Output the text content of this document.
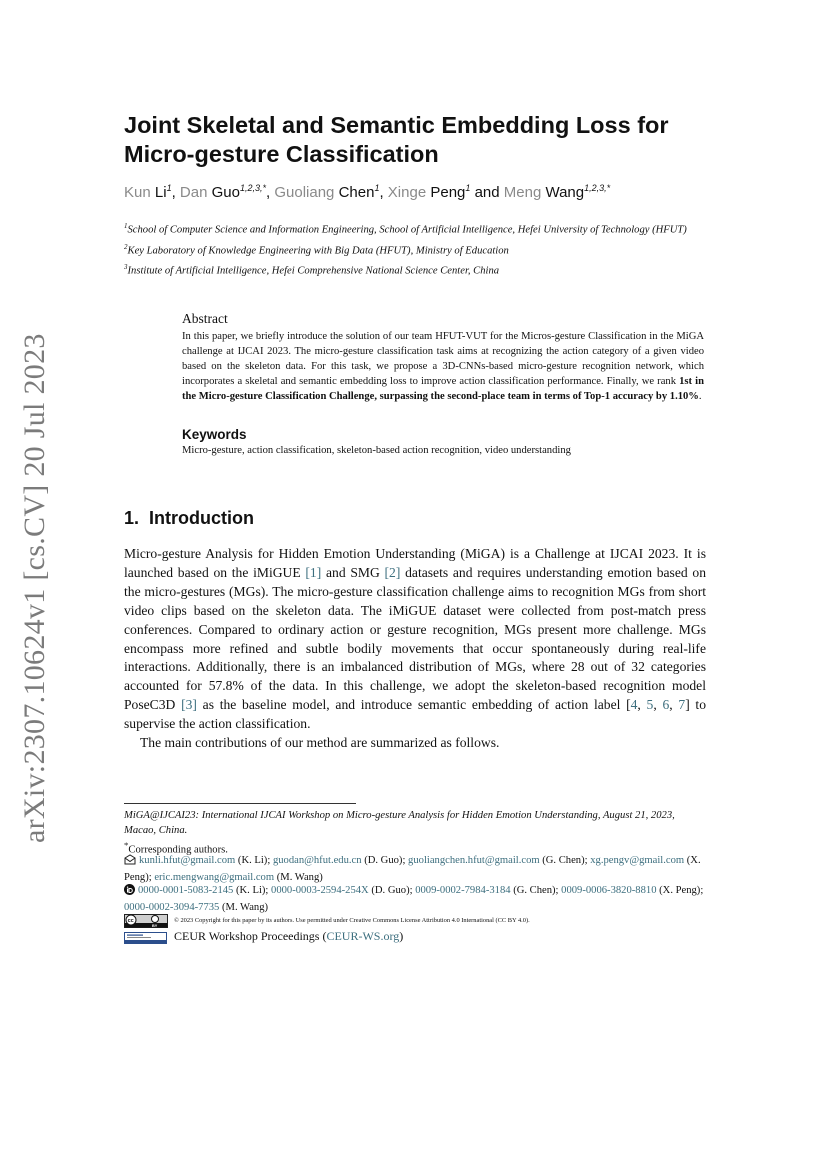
arXiv:2307.10624v1 [cs.CV] 20 Jul 2023
Joint Skeletal and Semantic Embedding Loss for
Micro-gesture Classification
Kun Li$^1$, Dan Guo$^{1,2,3,*}$, Guoliang Chen$^1$, Xinge Peng$^1$ and Meng Wang$^{1,2,3,*}$

$^1$School of Computer Science and Information Engineering, School of Artificial Intelligence, Hefei University of Technology (HFUT)

$^2$Key Laboratory of Knowledge Engineering with Big Data (HFUT), Ministry of Education

$^3$Institute of Artificial Intelligence, Hefei Comprehensive National Science Center, China

Abstract
In this paper, we briefly introduce the solution of our team HFUT-VUT for the Micros-gesture Classification in the MiGA challenge at IJCAI 2023. The micro-gesture classification task aims at recognizing the action category of a given video based on the skeleton data. For this task, we propose a 3D-CNNs-based micro-gesture recognition network, which incorporates a skeletal and semantic embedding loss to improve action classification performance. Finally, we rank 1st in the Micro-gesture Classification Challenge, surpassing the second-place team in terms of Top-1 accuracy by 1.10%.
Keywords
Micro-gesture, action classification, skeleton-based action recognition, video understanding
1. Introduction

Micro-gesture Analysis for Hidden Emotion Understanding (MiGA) is a Challenge at IJCAI 2023. It is launched based on the iMiGUE [1] and SMG [2] datasets and requires understanding emotion based on the micro-gestures (MGs). The micro-gesture classification challenge aims to recognition MGs from short video clips based on the skeleton data. The iMiGUE dataset were collected from post-match press conferences. Compared to ordinary action or gesture recognition, MGs present more challenge. MGs encompass more refined and subtle bodily movements that occur spontaneously during real-life interactions. Additionally, there is an imbalanced distribution of MGs, where 28 out of 32 categories accounted for 57.8% of the data. In this challenge, we adopt the skeleton-based recognition model PoseC3D [3] as the baseline model, and introduce semantic embedding of action label [4, 5, 6, 7] to supervise the action classification.

The main contributions of our method are summarized as follows.

MiGA@IJCAI23: International IJCAI Workshop on Micro-gesture Analysis for Hidden Emotion Understanding, August 21, 2023, Macao, China.
*Corresponding authors.
kunli.hfut@gmail.com (K. Li); guodan@hfut.edu.cn (D. Guo); guoliangchen.hfut@gmail.com (G. Chen); xg.pengv@gmail.com (X. Peng); eric.mengwang@gmail.com (M. Wang)
0000-0001-5083-2145 (K. Li); 0000-0003-2594-254X (D. Guo); 0009-0002-7984-3184 (G. Chen); 0009-0006-3820-8810 (X. Peng); 0000-0002-3094-7735 (M. Wang)
cc
BY
© 2023 Copyright for this paper by its authors. Use permitted under Creative Commons License Attribution 4.0 International (CC BY 4.0).
CEUR Workshop Proceedings (CEUR-WS.org)
